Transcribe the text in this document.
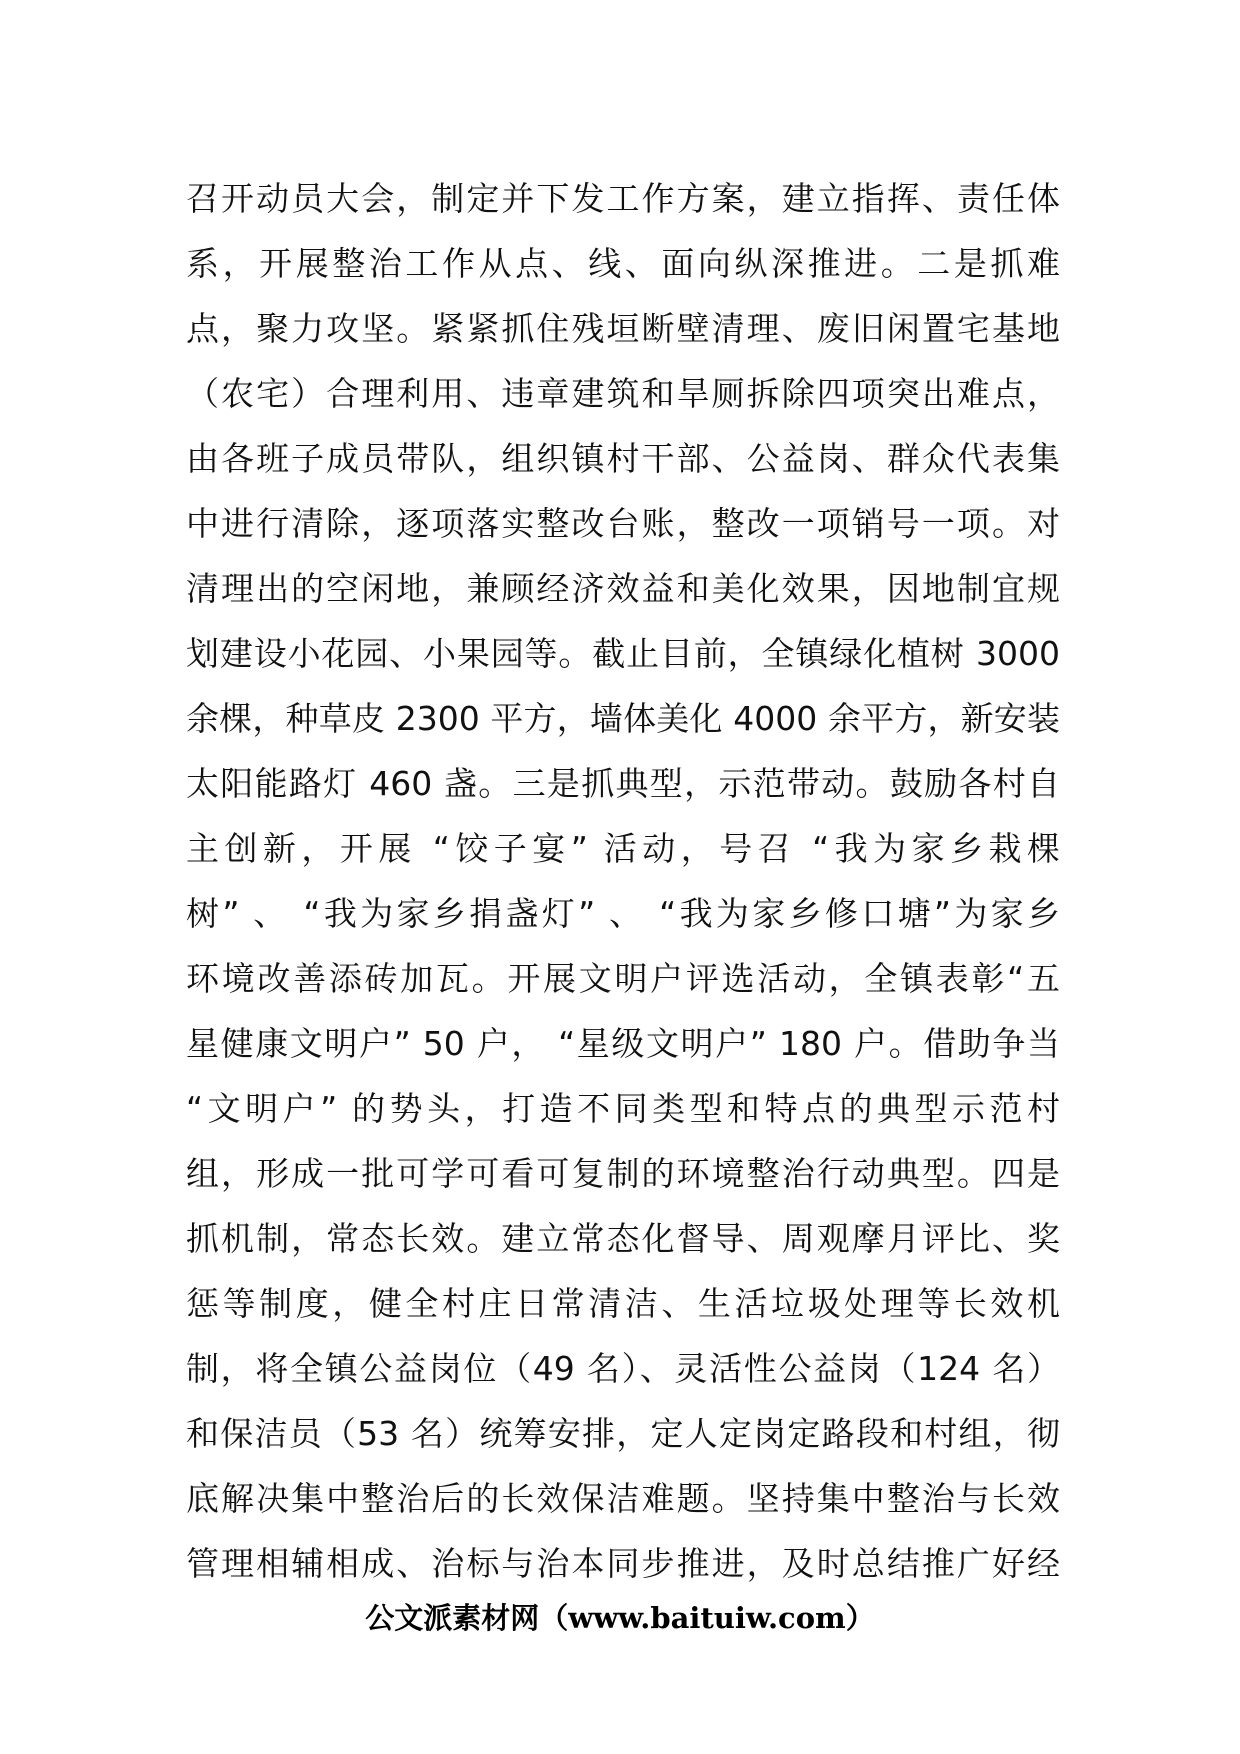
召开动员大会，制定并下发工作方案，建立指挥、责任体
系，开展整治工作从点、线、面向纵深推进。二是抓难
点，聚力攻坚。紧紧抓住残垣断壁清理、废旧闲置宅基地
（农宅）合理利用、违章建筑和旱厕拆除四项突出难点，
由各班子成员带队，组织镇村干部、公益岗、群众代表集
中进行清除，逐项落实整改台账，整改一项销号一项。对
清理出的空闲地，兼顾经济效益和美化效果，因地制宜规
划建设小花园、小果园等。截止目前，全镇绿化植树 3000
余棵，种草皮 2300 平方，墙体美化 4000 余平方，新安装
太阳能路灯 460 盏。三是抓典型，示范带动。鼓励各村自
主创新，开展 “饺子宴” 活动，号召 “我为家乡栽棵
树” 、 “我为家乡捐盏灯” 、 “我为家乡修口塘”为家乡
环境改善添砖加瓦。开展文明户评选活动，全镇表彰“五
星健康文明户” 50 户， “星级文明户” 180 户。借助争当
“文明户” 的势头，打造不同类型和特点的典型示范村
组，形成一批可学可看可复制的环境整治行动典型。四是
抓机制，常态长效。建立常态化督导、周观摩月评比、奖
惩等制度，健全村庄日常清洁、生活垃圾处理等长效机
制，将全镇公益岗位（49 名）、灵活性公益岗（124 名）
和保洁员（53 名）统筹安排，定人定岗定路段和村组，彻
底解决集中整治后的长效保洁难题。坚持集中整治与长效
管理相辅相成、治标与治本同步推进，及时总结推广好经
公文派素材网（www.baituiw.com）
